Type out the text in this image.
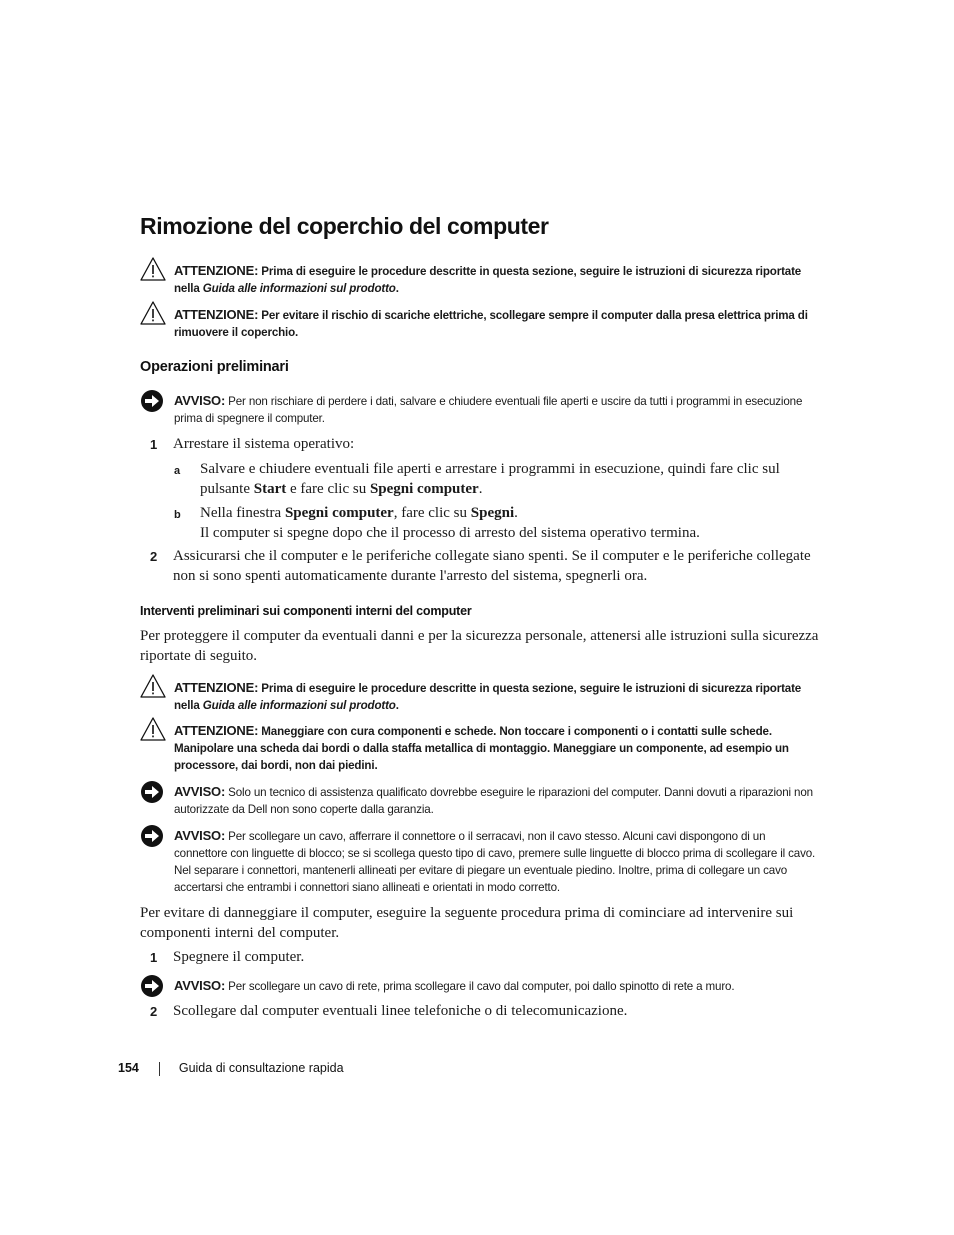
Rimozione del coperchio del computer
ATTENZIONE: Prima di eseguire le procedure descritte in questa sezione, seguire le istruzioni di sicurezza riportate nella Guida alle informazioni sul prodotto.
ATTENZIONE: Per evitare il rischio di scariche elettriche, scollegare sempre il computer dalla presa elettrica prima di rimuovere il coperchio.
Operazioni preliminari
AVVISO: Per non rischiare di perdere i dati, salvare e chiudere eventuali file aperti e uscire da tutti i programmi in esecuzione prima di spegnere il computer.
1 Arrestare il sistema operativo:
a Salvare e chiudere eventuali file aperti e arrestare i programmi in esecuzione, quindi fare clic sul pulsante Start e fare clic su Spegni computer.
b Nella finestra Spegni computer, fare clic su Spegni.
Il computer si spegne dopo che il processo di arresto del sistema operativo termina.
2 Assicurarsi che il computer e le periferiche collegate siano spenti. Se il computer e le periferiche collegate non si sono spenti automaticamente durante l'arresto del sistema, spegnerli ora.
Interventi preliminari sui componenti interni del computer
Per proteggere il computer da eventuali danni e per la sicurezza personale, attenersi alle istruzioni sulla sicurezza riportate di seguito.
ATTENZIONE: Prima di eseguire le procedure descritte in questa sezione, seguire le istruzioni di sicurezza riportate nella Guida alle informazioni sul prodotto.
ATTENZIONE: Maneggiare con cura componenti e schede. Non toccare i componenti o i contatti sulle schede. Manipolare una scheda dai bordi o dalla staffa metallica di montaggio. Maneggiare un componente, ad esempio un processore, dai bordi, non dai piedini.
AVVISO: Solo un tecnico di assistenza qualificato dovrebbe eseguire le riparazioni del computer. Danni dovuti a riparazioni non autorizzate da Dell non sono coperte dalla garanzia.
AVVISO: Per scollegare un cavo, afferrare il connettore o il serracavi, non il cavo stesso. Alcuni cavi dispongono di un connettore con linguette di blocco; se si scollega questo tipo di cavo, premere sulle linguette di blocco prima di scollegare il cavo. Nel separare i connettori, mantenerli allineati per evitare di piegare un eventuale piedino. Inoltre, prima di collegare un cavo accertarsi che entrambi i connettori siano allineati e orientati in modo corretto.
Per evitare di danneggiare il computer, eseguire la seguente procedura prima di cominciare ad intervenire sui componenti interni del computer.
1 Spegnere il computer.
AVVISO: Per scollegare un cavo di rete, prima scollegare il cavo dal computer, poi dallo spinotto di rete a muro.
2 Scollegare dal computer eventuali linee telefoniche o di telecomunicazione.
154	Guida di consultazione rapida
